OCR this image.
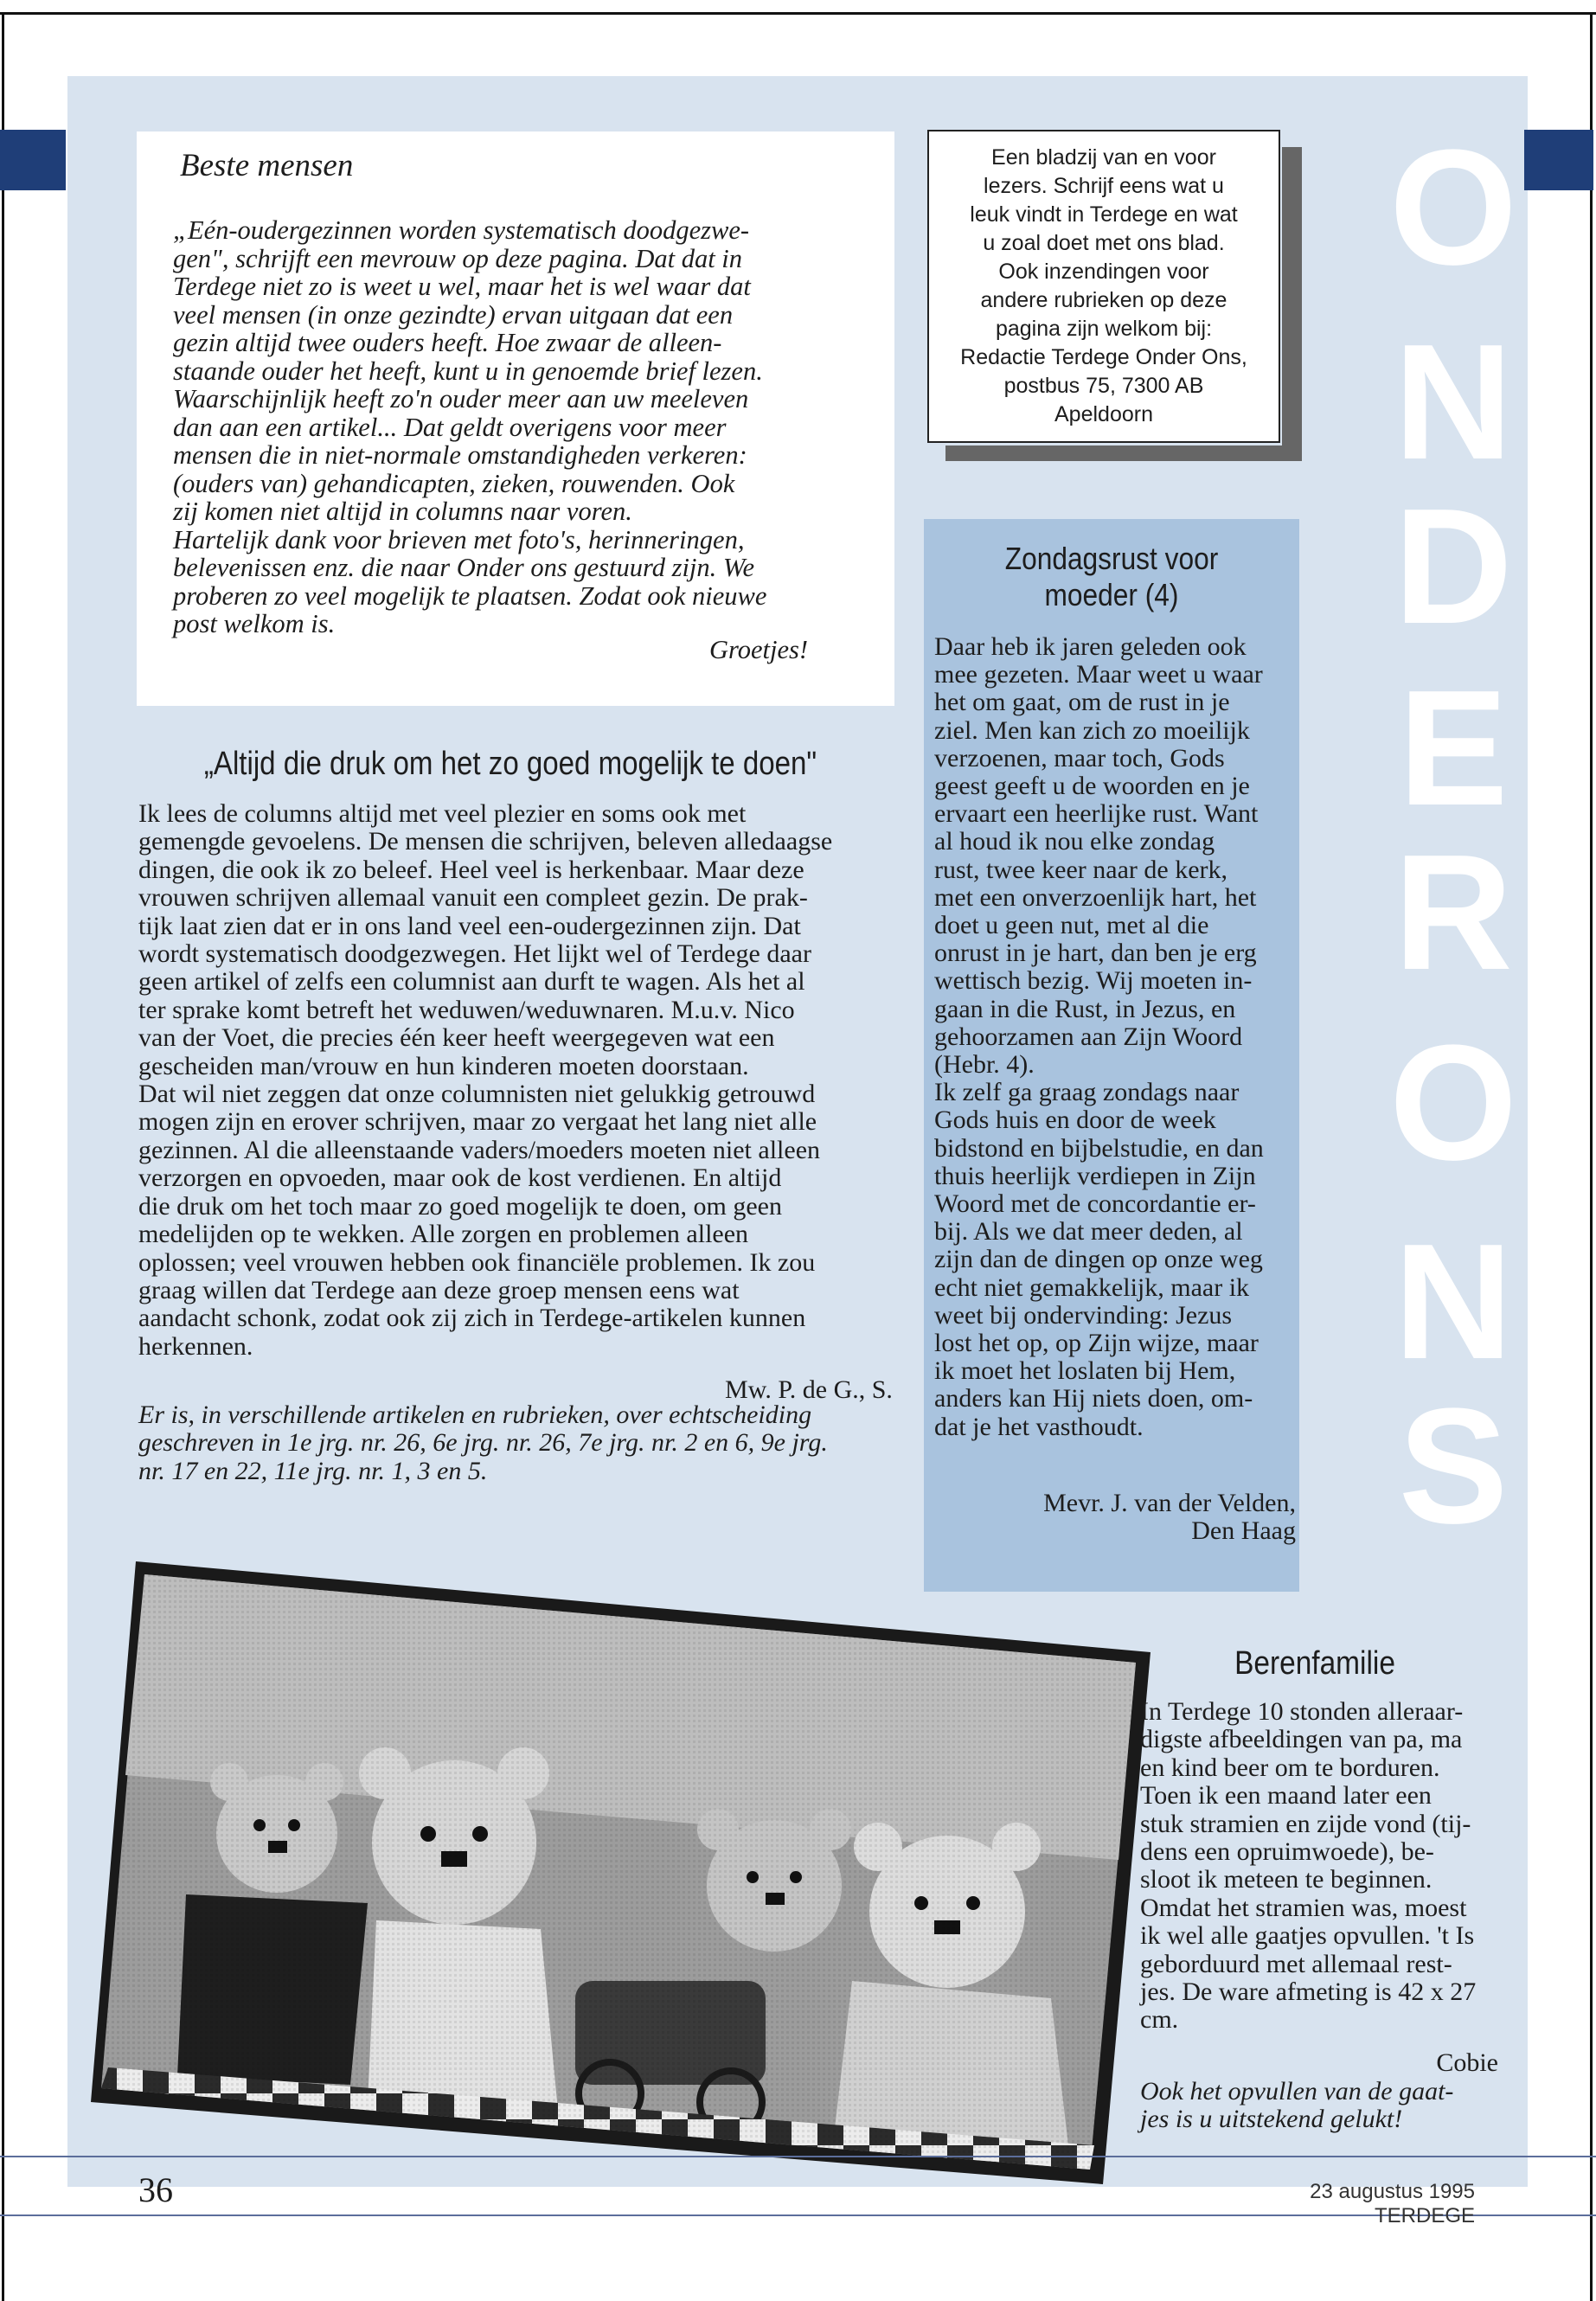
O
N
D
E
R
O
N
S
Beste mensen
„Eén-oudergezinnen worden systematisch doodgezwe-
gen", schrijft een mevrouw op deze pagina. Dat dat in
Terdege niet zo is weet u wel, maar het is wel waar dat
veel mensen (in onze gezindte) ervan uitgaan dat een
gezin altijd twee ouders heeft. Hoe zwaar de alleen-
staande ouder het heeft, kunt u in genoemde brief lezen.
Waarschijnlijk heeft zo'n ouder meer aan uw meeleven
dan aan een artikel... Dat geldt overigens voor meer
mensen die in niet-normale omstandigheden verkeren:
(ouders van) gehandicapten, zieken, rouwenden. Ook
zij komen niet altijd in columns naar voren.
Hartelijk dank voor brieven met foto's, herinneringen,
belevenissen enz. die naar Onder ons gestuurd zijn. We
proberen zo veel mogelijk te plaatsen. Zodat ook nieuwe
post welkom is.
Groetjes!
Een bladzij van en voor
lezers. Schrijf eens wat u
leuk vindt in Terdege en wat
u zoal doet met ons blad.
Ook inzendingen voor
andere rubrieken op deze
pagina zijn welkom bij:
Redactie Terdege Onder Ons,
postbus 75, 7300 AB
Apeldoorn
Zondagsrust voor
moeder (4)
Daar heb ik jaren geleden ook
mee gezeten. Maar weet u waar
het om gaat, om de rust in je
ziel. Men kan zich zo moeilijk
verzoenen, maar toch, Gods
geest geeft u de woorden en je
ervaart een heerlijke rust. Want
al houd ik nou elke zondag
rust, twee keer naar de kerk,
met een onverzoenlijk hart, het
doet u geen nut, met al die
onrust in je hart, dan ben je erg
wettisch bezig. Wij moeten in-
gaan in die Rust, in Jezus, en
gehoorzamen aan Zijn Woord
(Hebr. 4).
Ik zelf ga graag zondags naar
Gods huis en door de week
bidstond en bijbelstudie, en dan
thuis heerlijk verdiepen in Zijn
Woord met de concordantie er-
bij. Als we dat meer deden, al
zijn dan de dingen op onze weg
echt niet gemakkelijk, maar ik
weet bij ondervinding: Jezus
lost het op, op Zijn wijze, maar
ik moet het loslaten bij Hem,
anders kan Hij niets doen, om-
dat je het vasthoudt.
Mevr. J. van der Velden,
Den Haag
„Altijd die druk om het zo goed mogelijk te doen"
Ik lees de columns altijd met veel plezier en soms ook met
gemengde gevoelens. De mensen die schrijven, beleven alledaagse
dingen, die ook ik zo beleef. Heel veel is herkenbaar. Maar deze
vrouwen schrijven allemaal vanuit een compleet gezin. De prak-
tijk laat zien dat er in ons land veel een-oudergezinnen zijn. Dat
wordt systematisch doodgezwegen. Het lijkt wel of Terdege daar
geen artikel of zelfs een columnist aan durft te wagen. Als het al
ter sprake komt betreft het weduwen/weduwnaren. M.u.v. Nico
van der Voet, die precies één keer heeft weergegeven wat een
gescheiden man/vrouw en hun kinderen moeten doorstaan.
Dat wil niet zeggen dat onze columnisten niet gelukkig getrouwd
mogen zijn en erover schrijven, maar zo vergaat het lang niet alle
gezinnen. Al die alleenstaande vaders/moeders moeten niet alleen
verzorgen en opvoeden, maar ook de kost verdienen. En altijd
die druk om het toch maar zo goed mogelijk te doen, om geen
medelijden op te wekken. Alle zorgen en problemen alleen
oplossen; veel vrouwen hebben ook financiële problemen. Ik zou
graag willen dat Terdege aan deze groep mensen eens wat
aandacht schonk, zodat ook zij zich in Terdege-artikelen kunnen
herkennen.
Mw. P. de G., S.
Er is, in verschillende artikelen en rubrieken, over echtscheiding
geschreven in 1e jrg. nr. 26, 6e jrg. nr. 26, 7e jrg. nr. 2 en 6, 9e jrg.
nr. 17 en 22, 11e jrg. nr. 1, 3 en 5.
Berenfamilie
In Terdege 10 stonden alleraar-
digste afbeeldingen van pa, ma
en kind beer om te borduren.
Toen ik een maand later een
stuk stramien en zijde vond (tij-
dens een opruimwoede), be-
sloot ik meteen te beginnen.
Omdat het stramien was, moest
ik wel alle gaatjes opvullen. 't Is
geborduurd met allemaal rest-
jes. De ware afmeting is 42 x 27
cm.
Cobie
Ook het opvullen van de gaat-
jes is u uitstekend gelukt!
36	23 augustus 1995 TERDEGE
